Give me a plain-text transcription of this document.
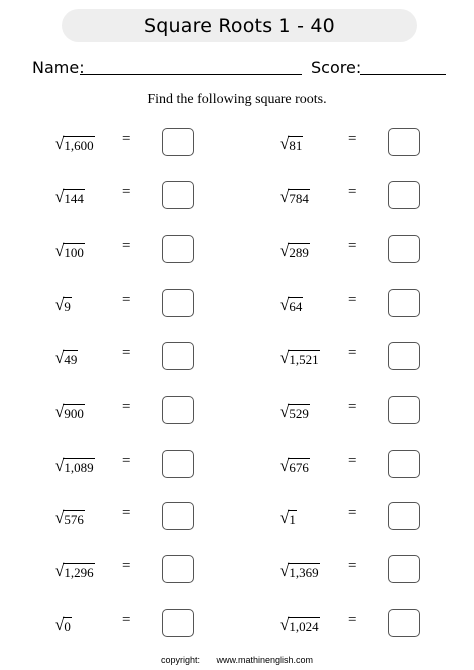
Square Roots 1 - 40
Name:	Score:
Find the following square roots.
√ 1,600 =
√ 144	=
√ 100	=
√ 9	=
√ 49	=
√ 900	=
√ 1,089 =
√ 576	=
√ 1,296 =
√ 0	=
√ 81	=
√ 784	=
√ 289	=
√ 64	=
√ 1,521 =
√ 529	=
√ 676	=
√ 1	=
√ 1,369 =
√ 1,024 =
copyright: www.mathinenglish.com
